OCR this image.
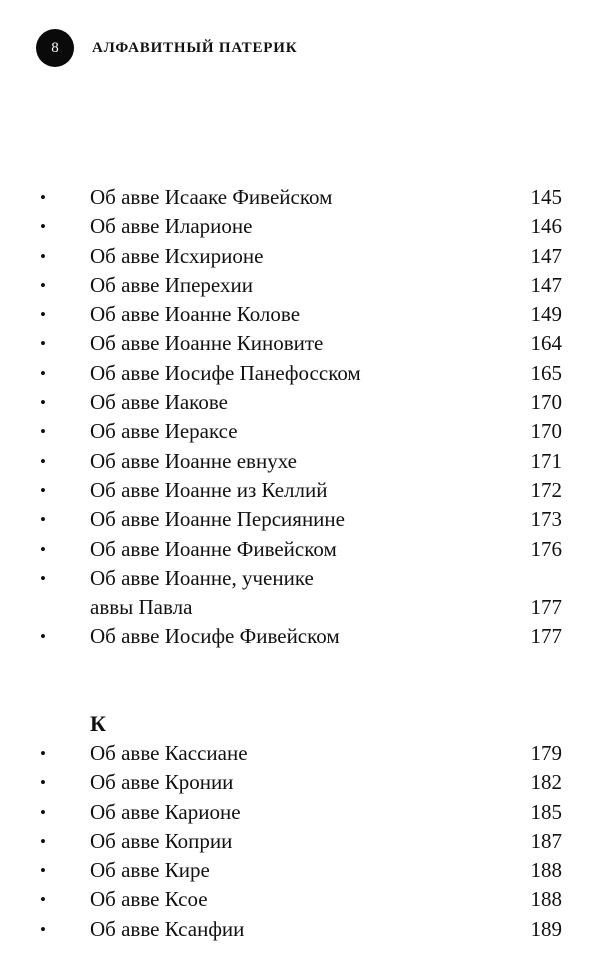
8 АЛФАВИТНЫЙ ПАТЕРИК
• Об авве Исааке Фивейском	145
• Об авве Иларионе	146
• Об авве Исхирионе	147
• Об авве Иперехии	147
• Об авве Иоанне Колове	149
• Об авве Иоанне Киновите	164
• Об авве Иосифе Панефосском	165
• Об авве Иакове	170
• Об авве Иераксе	170
• Об авве Иоанне евнухе	171
• Об авве Иоанне из Келлий	172
• Об авве Иоанне Персиянине	173
• Об авве Иоанне Фивейском	176
• Об авве Иоанне, ученике
аввы Павла	177
• Об авве Иосифе Фивейском	177
К
• Об авве Кассиане	179
• Об авве Кронии	182
• Об авве Карионе	185
• Об авве Коприи	187
• Об авве Кире	188
• Об авве Ксое	188
• Об авве Ксанфии	189
